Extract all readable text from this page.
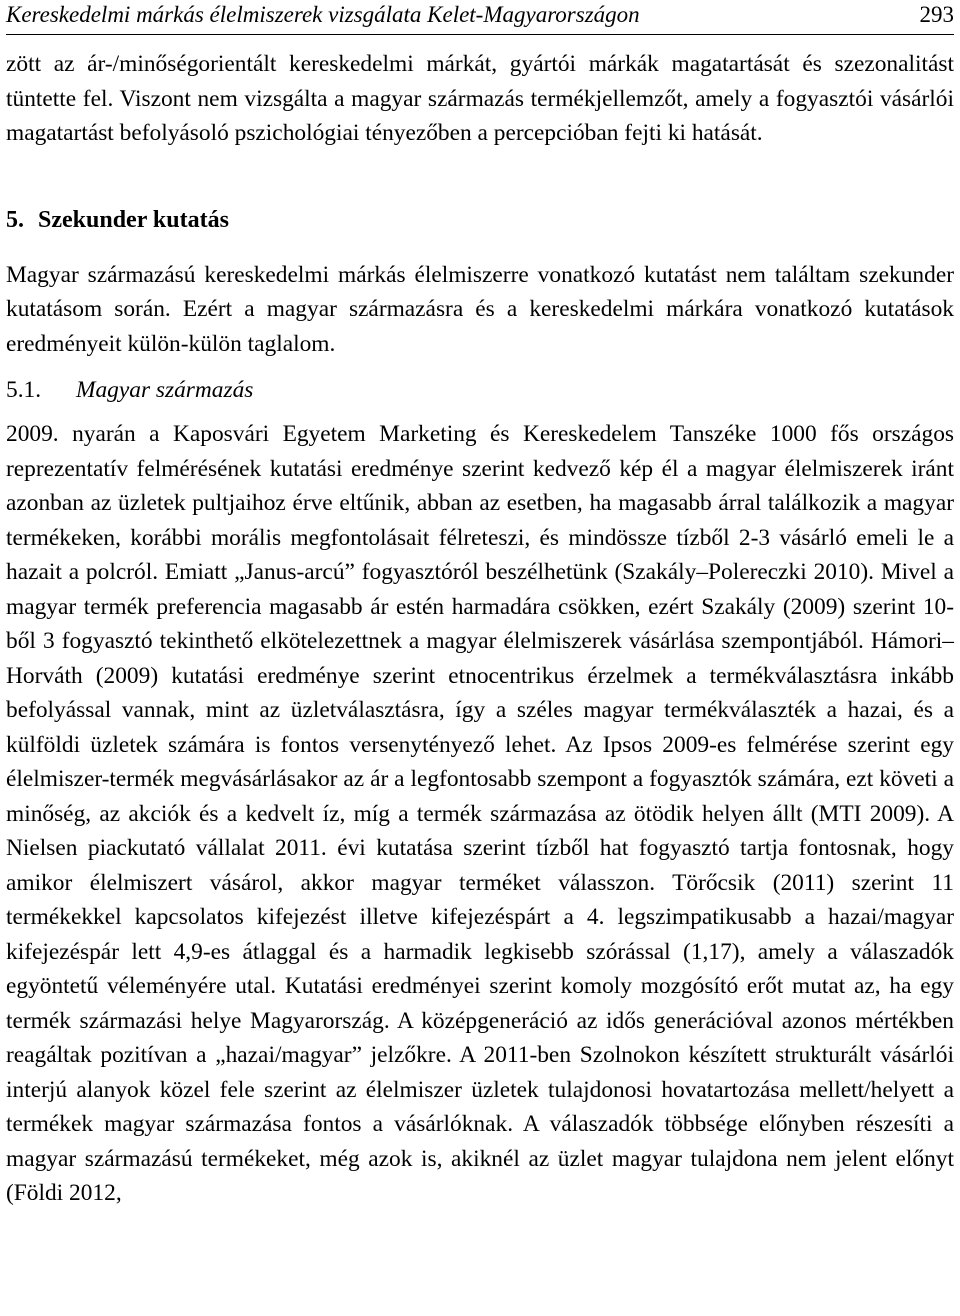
Kereskedelmi márkás élelmiszerek vizsgálata Kelet-Magyarországon	293

zött az ár-/minőségorientált kereskedelmi márkát, gyártói márkák magatartását és szezonalitást tüntette fel. Viszont nem vizsgálta a magyar származás termékjellemzőt, amely a fogyasztói vásárlói magatartást befolyásoló pszichológiai tényezőben a percepcióban fejti ki hatását.

5. Szekunder kutatás

Magyar származású kereskedelmi márkás élelmiszerre vonatkozó kutatást nem találtam szekunder kutatásom során. Ezért a magyar származásra és a kereskedelmi márkára vonatkozó kutatások eredményeit külön-külön taglalom.

5.1. Magyar származás

2009. nyarán a Kaposvári Egyetem Marketing és Kereskedelem Tanszéke 1000 fős országos reprezentatív felmérésének kutatási eredménye szerint kedvező kép él a magyar élelmiszerek iránt azonban az üzletek pultjaihoz érve eltűnik, abban az esetben, ha magasabb árral találkozik a magyar termékeken, korábbi morális megfontolásait félreteszi, és mindössze tízből 2-3 vásárló emeli le a hazait a polcról. Emiatt „Janus-arcú” fogyasztóról beszélhetünk (Szakály–Polereczki 2010). Mivel a magyar termék preferencia magasabb ár estén harmadára csökken, ezért Szakály (2009) szerint 10-ből 3 fogyasztó tekinthető elkötelezettnek a magyar élelmiszerek vásárlása szempontjából. Hámori–Horváth (2009) kutatási eredménye szerint etnocentrikus érzelmek a termékválasztásra inkább befolyással vannak, mint az üzletválasztásra, így a széles magyar termékválaszték a hazai, és a külföldi üzletek számára is fontos versenytényező lehet. Az Ipsos 2009-es felmérése szerint egy élelmiszer-termék megvásárlásakor az ár a legfontosabb szempont a fogyasztók számára, ezt követi a minőség, az akciók és a kedvelt íz, míg a termék származása az ötödik helyen állt (MTI 2009). A Nielsen piackutató vállalat 2011. évi kutatása szerint tízből hat fogyasztó tartja fontosnak, hogy amikor élelmiszert vásárol, akkor magyar terméket válasszon. Törőcsik (2011) szerint 11 termékekkel kapcsolatos kifejezést illetve kifejezéspárt a 4. legszimpatikusabb a hazai/magyar kifejezéspár lett 4,9-es átlaggal és a harmadik legkisebb szórással (1,17), amely a válaszadók egyöntetű véleményére utal. Kutatási eredményei szerint komoly mozgósító erőt mutat az, ha egy termék származási helye Magyarország. A középgeneráció az idős generációval azonos mértékben reagáltak pozitívan a „hazai/magyar” jelzőkre. A 2011-ben Szolnokon készített strukturált vásárlói interjú alanyok közel fele szerint az élelmiszer üzletek tulajdonosi hovatartozása mellett/helyett a termékek magyar származása fontos a vásárlóknak. A válaszadók többsége előnyben részesíti a magyar származású termékeket, még azok is, akiknél az üzlet magyar tulajdona nem jelent előnyt (Földi 2012,
